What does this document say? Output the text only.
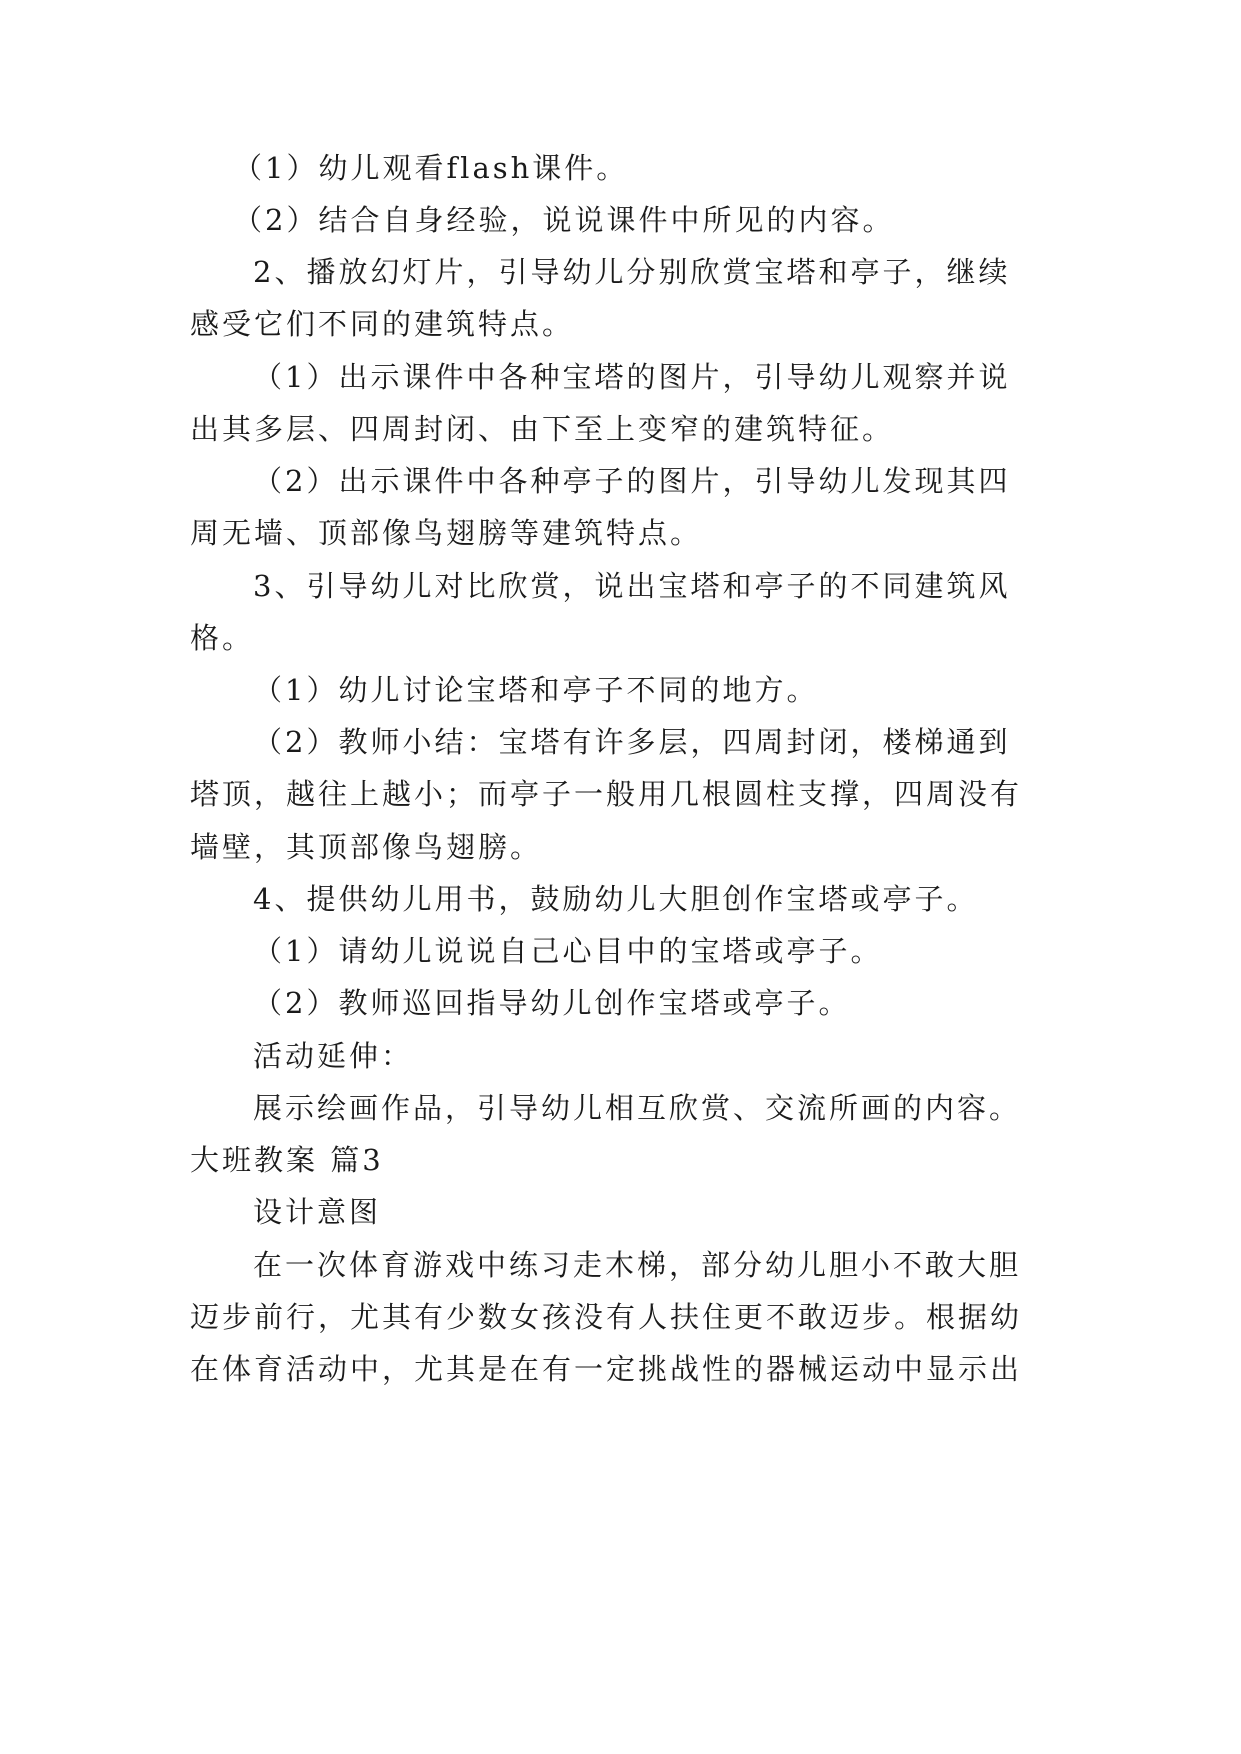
（1）幼儿观看flash课件。
（2）结合自身经验，说说课件中所见的内容。
2、播放幻灯片，引导幼儿分别欣赏宝塔和亭子，继续
感受它们不同的建筑特点。
（1）出示课件中各种宝塔的图片，引导幼儿观察并说
出其多层、四周封闭、由下至上变窄的建筑特征。
（2）出示课件中各种亭子的图片，引导幼儿发现其四
周无墙、顶部像鸟翅膀等建筑特点。
3、引导幼儿对比欣赏，说出宝塔和亭子的不同建筑风
格。
（1）幼儿讨论宝塔和亭子不同的地方。
（2）教师小结：宝塔有许多层，四周封闭，楼梯通到
塔顶，越往上越小；而亭子一般用几根圆柱支撑，四周没有
墙壁，其顶部像鸟翅膀。
4、提供幼儿用书，鼓励幼儿大胆创作宝塔或亭子。
（1）请幼儿说说自己心目中的宝塔或亭子。
（2）教师巡回指导幼儿创作宝塔或亭子。
活动延伸：
展示绘画作品，引导幼儿相互欣赏、交流所画的内容。
大班教案 篇3
设计意图
在一次体育游戏中练习走木梯，部分幼儿胆小不敢大胆
迈步前行，尤其有少数女孩没有人扶住更不敢迈步。根据幼
在体育活动中，尤其是在有一定挑战性的器械运动中显示出
